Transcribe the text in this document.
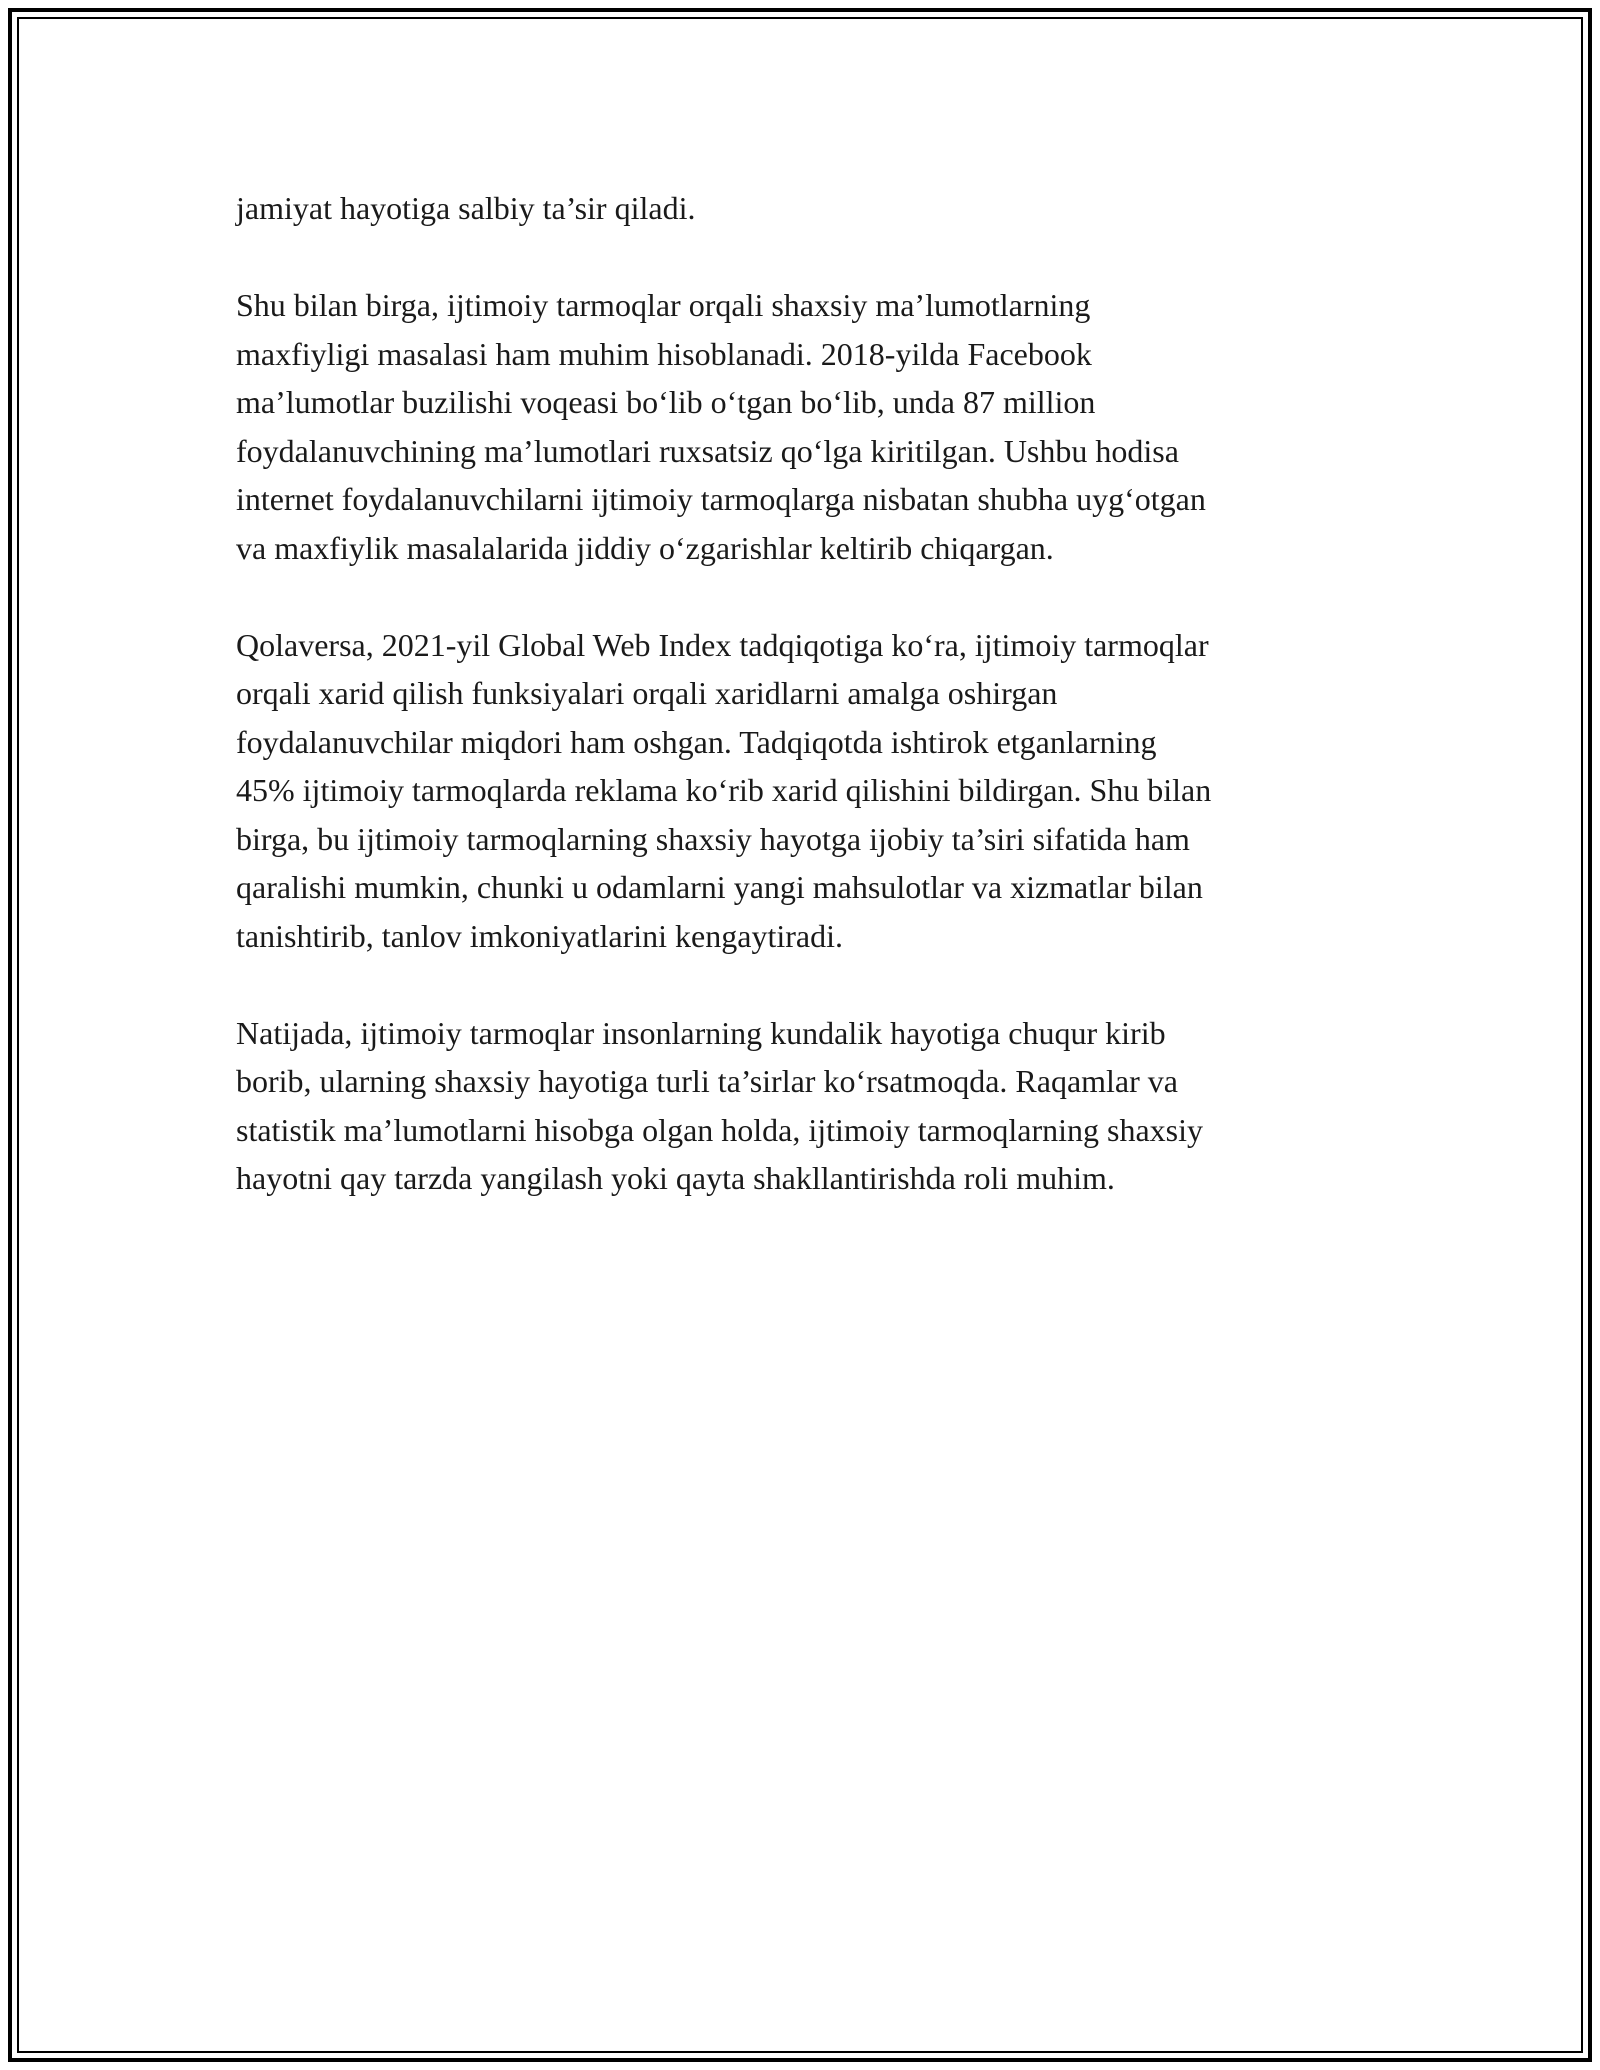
jamiyat hayotiga salbiy ta’sir qiladi.

Shu bilan birga, ijtimoiy tarmoqlar orqali shaxsiy ma’lumotlarning
maxfiyligi masalasi ham muhim hisoblanadi. 2018-yilda Facebook
ma’lumotlar buzilishi voqeasi bo‘lib o‘tgan bo‘lib, unda 87 million
foydalanuvchining ma’lumotlari ruxsatsiz qo‘lga kiritilgan. Ushbu hodisa
internet foydalanuvchilarni ijtimoiy tarmoqlarga nisbatan shubha uyg‘otgan
va maxfiylik masalalarida jiddiy o‘zgarishlar keltirib chiqargan.

Qolaversa, 2021-yil Global Web Index tadqiqotiga ko‘ra, ijtimoiy tarmoqlar
orqali xarid qilish funksiyalari orqali xaridlarni amalga oshirgan
foydalanuvchilar miqdori ham oshgan. Tadqiqotda ishtirok etganlarning
45% ijtimoiy tarmoqlarda reklama ko‘rib xarid qilishini bildirgan. Shu bilan
birga, bu ijtimoiy tarmoqlarning shaxsiy hayotga ijobiy ta’siri sifatida ham
qaralishi mumkin, chunki u odamlarni yangi mahsulotlar va xizmatlar bilan
tanishtirib, tanlov imkoniyatlarini kengaytiradi.

Natijada, ijtimoiy tarmoqlar insonlarning kundalik hayotiga chuqur kirib
borib, ularning shaxsiy hayotiga turli ta’sirlar ko‘rsatmoqda. Raqamlar va
statistik ma’lumotlarni hisobga olgan holda, ijtimoiy tarmoqlarning shaxsiy
hayotni qay tarzda yangilash yoki qayta shakllantirishda roli muhim.
